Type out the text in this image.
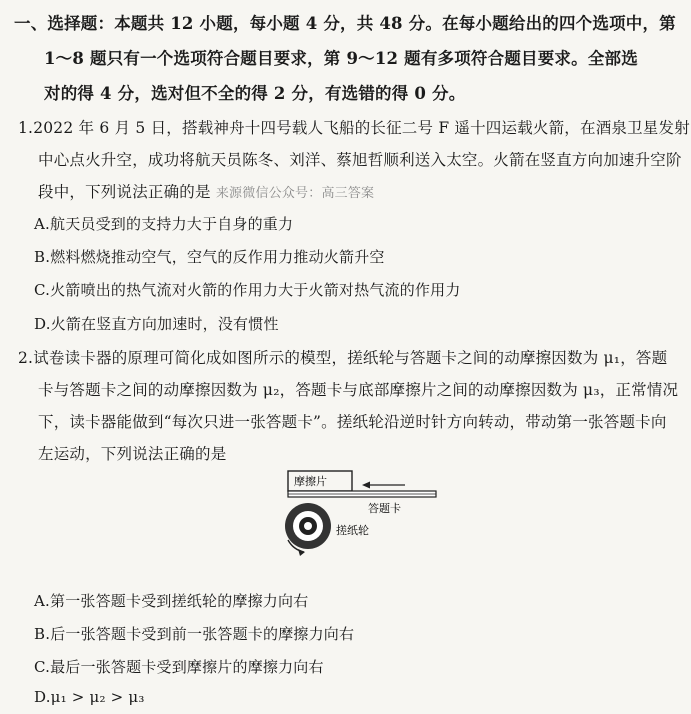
一、选择题：本题共 12 小题，每小题 4 分，共 48 分。在每小题给出的四个选项中，第
1～8 题只有一个选项符合题目要求，第 9～12 题有多项符合题目要求。全部选
对的得 4 分，选对但不全的得 2 分，有选错的得 0 分。
1.2022 年 6 月 5 日，搭载神舟十四号载人飞船的长征二号 F 遥十四运载火箭，在酒泉卫星发射
中心点火升空，成功将航天员陈冬、刘洋、蔡旭哲顺利送入太空。火箭在竖直方向加速升空阶
段中，下列说法正确的是 来源微信公众号：高三答案
A.航天员受到的支持力大于自身的重力
B.燃料燃烧推动空气，空气的反作用力推动火箭升空
C.火箭喷出的热气流对火箭的作用力大于火箭对热气流的作用力
D.火箭在竖直方向加速时，没有惯性
2.试卷读卡器的原理可简化成如图所示的模型，搓纸轮与答题卡之间的动摩擦因数为 μ₁，答题
卡与答题卡之间的动摩擦因数为 μ₂，答题卡与底部摩擦片之间的动摩擦因数为 μ₃，正常情况
下，读卡器能做到“每次只进一张答题卡”。搓纸轮沿逆时针方向转动，带动第一张答题卡向
左运动，下列说法正确的是
摩擦片
答题卡
搓纸轮
A.第一张答题卡受到搓纸轮的摩擦力向右
B.后一张答题卡受到前一张答题卡的摩擦力向右
C.最后一张答题卡受到摩擦片的摩擦力向右
D.μ₁ > μ₂ > μ₃
